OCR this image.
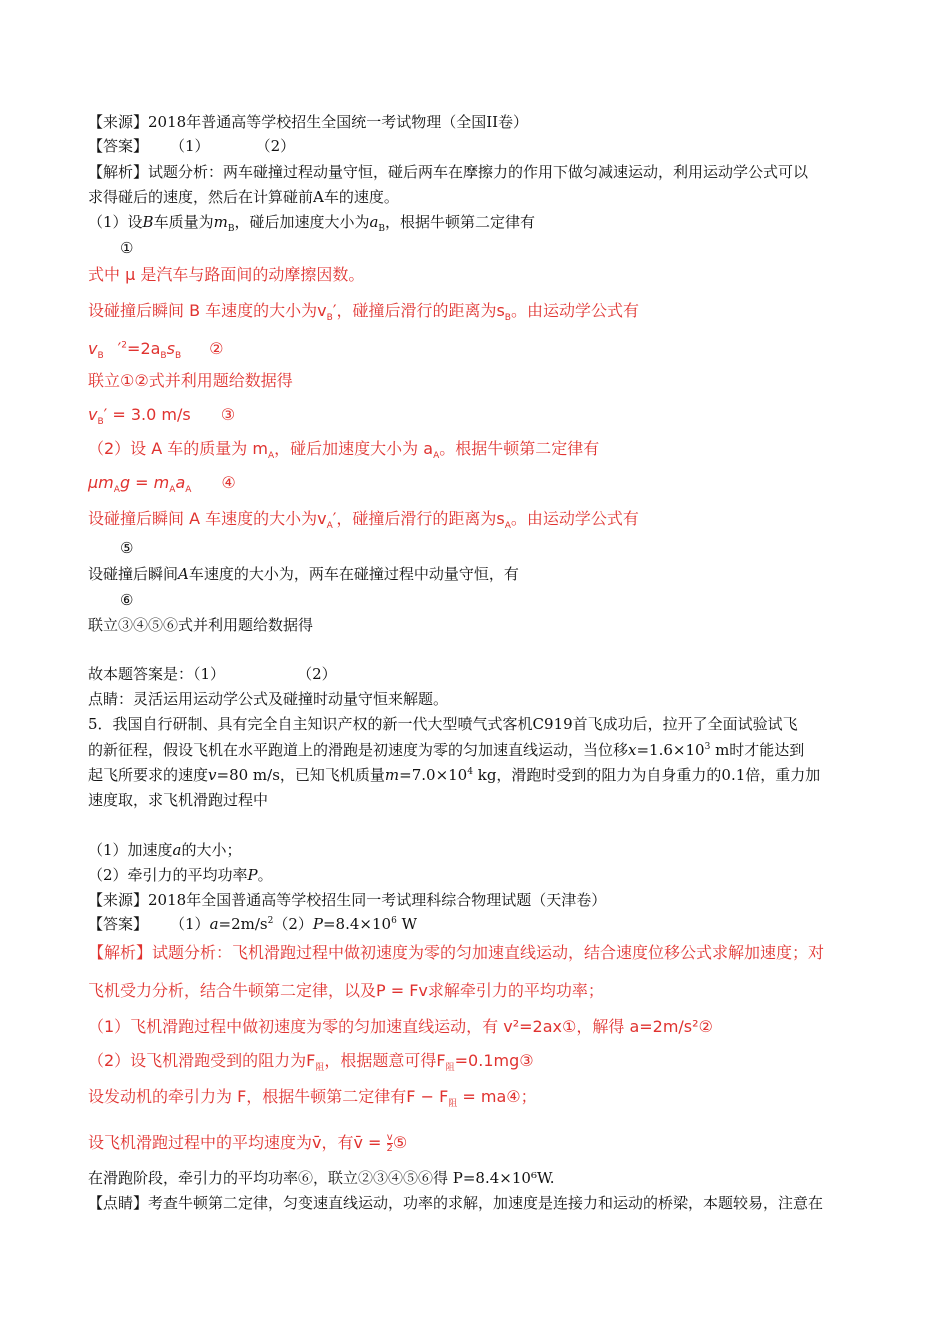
【来源】2018年普通高等学校招生全国统一考试物理（全国II卷）
【答案】 （1）	（2）
【解析】试题分析：两车碰撞过程动量守恒，碰后两车在摩擦力的作用下做匀减速运动，利用运动学公式可以
求得碰后的速度，然后在计算碰前A车的速度。
（1）设B车质量为$m_B$，碰后加速度大小为$a_B$，根据牛顿第二定律有
①
式中 μ 是汽车与路面间的动摩擦因数。
设碰撞后瞬间 B 车速度的大小为$v_B'$，碰撞后滑行的距离为$s_B$。由运动学公式有
$v_B$ $'^2=2a_Bs_B$ ②
联立①②式并利用题给数据得
$v_B' = 3.0$ m/s ③
（2）设 A 车的质量为 $m_A$，碰后加速度大小为 $a_A$。根据牛顿第二定律有
$\mu m_Ag = m_Aa_A$ ④
设碰撞后瞬间 A 车速度的大小为$v_A'$，碰撞后滑行的距离为$s_A$。由运动学公式有
⑤
设碰撞后瞬间A车速度的大小为，两车在碰撞过程中动量守恒，有
⑥
联立③④⑤⑥式并利用题给数据得
故本题答案是：（1）	（2）
点睛：灵活运用运动学公式及碰撞时动量守恒来解题。
5．我国自行研制、具有完全自主知识产权的新一代大型喷气式客机C919首飞成功后，拉开了全面试验试飞
的新征程，假设飞机在水平跑道上的滑跑是初速度为零的匀加速直线运动，当位移$x=1.6\times 10^3$ m时才能达到
起飞所要求的速度v=80 m/s，已知飞机质量$m=7.0\times 10^4$ kg，滑跑时受到的阻力为自身重力的0.1倍，重力加
速度取，求飞机滑跑过程中
（1）加速度a的大小；
（2）牵引力的平均功率P。
【来源】2018年全国普通高等学校招生同一考试理科综合物理试题（天津卷）
【答案】 $(1)a=2m/s^2(2)P=8.4\times 10^6$ W
【解析】试题分析：飞机滑跑过程中做初速度为零的匀加速直线运动，结合速度位移公式求解加速度；对
飞机受力分析，结合牛顿第二定律，以及P = Fv求解牵引力的平均功率；
（1）飞机滑跑过程中做初速度为零的匀加速直线运动，有 v²=2ax①，解得 a=2m/s²②
（2）设飞机滑跑受到的阻力为$F_阻$，根据题意可得$F_阻=0.1mg③$
设发动机的牵引力为 F，根据牛顿第二定律有$F - F_阻$ = ma④；
设飞机滑跑过程中的平均速度为v̄，有v̄ = $\frac{v}{2}$ ⑤
在滑跑阶段，牵引力的平均功率⑥，联立②③④⑤⑥得 P=8.4×10⁶W.
【点睛】考查牛顿第二定律，匀变速直线运动，功率的求解，加速度是连接力和运动的桥梁，本题较易，注意在
